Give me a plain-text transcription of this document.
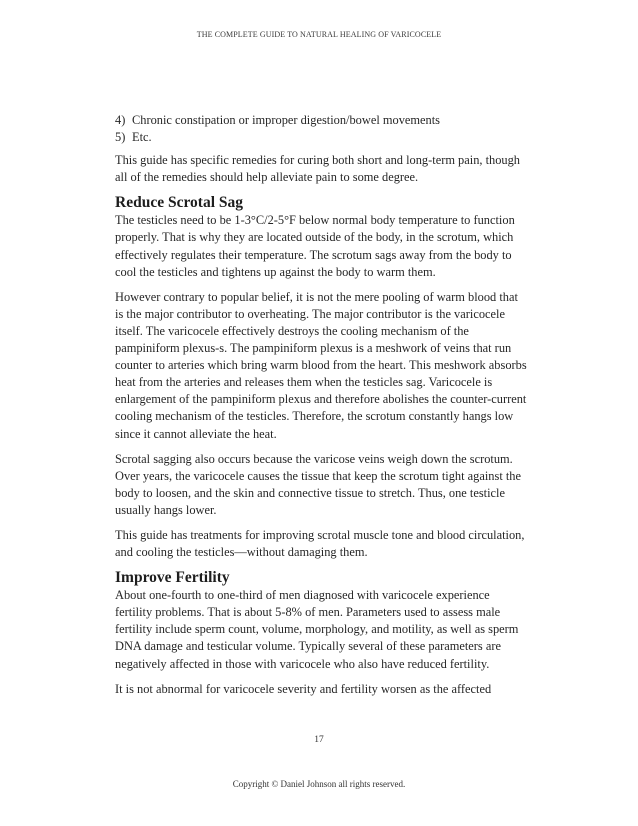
THE COMPLETE GUIDE TO NATURAL HEALING OF VARICOCELE
4) Chronic constipation or improper digestion/bowel movements
5) Etc.

This guide has specific remedies for curing both short and long-term pain, though all of the remedies should help alleviate pain to some degree.

Reduce Scrotal Sag

The testicles need to be 1-3°C/2-5°F below normal body temperature to function properly. That is why they are located outside of the body, in the scrotum, which effectively regulates their temperature. The scrotum sags away from the body to cool the testicles and tightens up against the body to warm them.

However contrary to popular belief, it is not the mere pooling of warm blood that is the major contributor to overheating. The major contributor is the varicocele itself. The varicocele effectively destroys the cooling mechanism of the pampiniform plexus-s. The pampiniform plexus is a meshwork of veins that run counter to arteries which bring warm blood from the heart. This meshwork absorbs heat from the arteries and releases them when the testicles sag. Varicocele is enlargement of the pampiniform plexus and therefore abolishes the counter-current cooling mechanism of the testicles. Therefore, the scrotum constantly hangs low since it cannot alleviate the heat.

Scrotal sagging also occurs because the varicose veins weigh down the scrotum. Over years, the varicocele causes the tissue that keep the scrotum tight against the body to loosen, and the skin and connective tissue to stretch. Thus, one testicle usually hangs lower.

This guide has treatments for improving scrotal muscle tone and blood circulation, and cooling the testicles—without damaging them.

Improve Fertility

About one-fourth to one-third of men diagnosed with varicocele experience fertility problems. That is about 5-8% of men. Parameters used to assess male fertility include sperm count, volume, morphology, and motility, as well as sperm DNA damage and testicular volume. Typically several of these parameters are negatively affected in those with varicocele who also have reduced fertility.

It is not abnormal for varicocele severity and fertility worsen as the affected

17
Copyright © Daniel Johnson all rights reserved.
